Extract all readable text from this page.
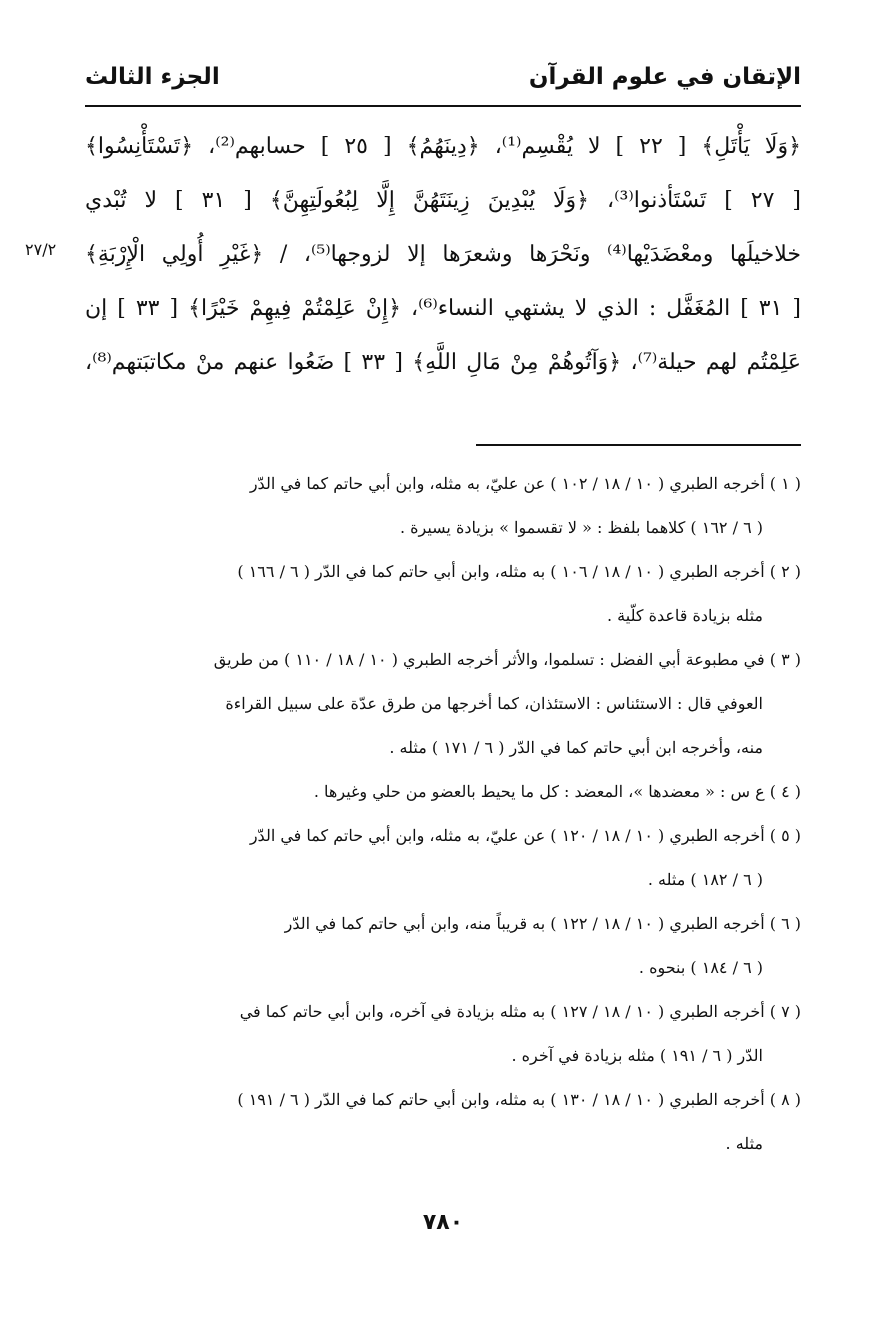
الإتقان في علوم القرآن
الجزء الثالث
٢٧/٢
﴿وَلَا يَأْتَلِ﴾ [ ٢٢ ] لا يُقْسِم⁽¹⁾، ﴿دِينَهُمُ﴾ [ ٢٥ ] حسابهم⁽²⁾، ﴿تَسْتَأْنِسُوا﴾
[ ٢٧ ] تَسْتَأذنوا⁽³⁾، ﴿وَلَا يُبْدِينَ زِينَتَهُنَّ إِلَّا لِبُعُولَتِهِنَّ﴾ [ ٣١ ] لا تُبْدي
خلاخيلَها ومعْضَدَيْها⁽⁴⁾ ونَحْرَها وشعرَها إلا لزوجها⁽⁵⁾، / ﴿غَيْرِ أُولِي الْإِرْبَةِ﴾
[ ٣١ ] المُغَفَّل : الذي لا يشتهي النساء⁽⁶⁾، ﴿إِنْ عَلِمْتُمْ فِيهِمْ خَيْرًا﴾ [ ٣٣ ] إن
عَلِمْتُم لهم حيلة⁽⁷⁾، ﴿وَآتُوهُمْ مِنْ مَالِ اللَّهِ﴾ [ ٣٣ ] ضَعُوا عنهم منْ مكاتبَتهم⁽⁸⁾،
( ١ ) أخرجه الطبري ( ١٠ / ١٨ / ١٠٢ ) عن عليّ، به مثله، وابن أبي حاتم كما في الدّر
( ٦ / ١٦٢ ) كلاهما بلفظ : « لا تقسموا » بزيادة يسيرة .
( ٢ ) أخرجه الطبري ( ١٠ / ١٨ / ١٠٦ ) به مثله، وابن أبي حاتم كما في الدّر ( ٦ / ١٦٦ )
مثله بزيادة قاعدة كلّية .
( ٣ ) في مطبوعة أبي الفضل : تسلموا، والأثر أخرجه الطبري ( ١٠ / ١٨ / ١١٠ ) من طريق
العوفي قال : الاستئناس : الاستئذان، كما أخرجها من طرق عدّة على سبيل القراءة
منه، وأخرجه ابن أبي حاتم كما في الدّر ( ٦ / ١٧١ ) مثله .
( ٤ ) ع س : « معضدها »، المعضد : كل ما يحيط بالعضو من حلي وغيرها .
( ٥ ) أخرجه الطبري ( ١٠ / ١٨ / ١٢٠ ) عن عليّ، به مثله، وابن أبي حاتم كما في الدّر
( ٦ / ١٨٢ ) مثله .
( ٦ ) أخرجه الطبري ( ١٠ / ١٨ / ١٢٢ ) به قريباً منه، وابن أبي حاتم كما في الدّر
( ٦ / ١٨٤ ) بنحوه .
( ٧ ) أخرجه الطبري ( ١٠ / ١٨ / ١٢٧ ) به مثله بزيادة في آخره، وابن أبي حاتم كما في
الدّر ( ٦ / ١٩١ ) مثله بزيادة في آخره .
( ٨ ) أخرجه الطبري ( ١٠ / ١٨ / ١٣٠ ) به مثله، وابن أبي حاتم كما في الدّر ( ٦ / ١٩١ )
مثله .
٧٨٠
